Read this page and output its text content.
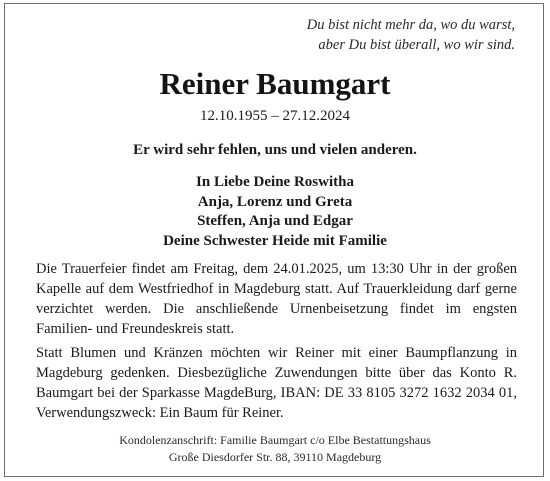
Du bist nicht mehr da, wo du warst,
aber Du bist überall, wo wir sind.
Reiner Baumgart
12.10.1955 – 27.12.2024
Er wird sehr fehlen, uns und vielen anderen.
In Liebe Deine Roswitha
Anja, Lorenz und Greta
Steffen, Anja und Edgar
Deine Schwester Heide mit Familie
Die Trauerfeier findet am Freitag, dem 24.01.2025, um 13:30 Uhr in der großen Kapelle auf dem Westfriedhof in Magdeburg statt. Auf Trauerkleidung darf gerne verzichtet werden. Die anschließende Urnenbeisetzung findet im engsten Familien- und Freundeskreis statt.
Statt Blumen und Kränzen möchten wir Reiner mit einer Baumpflanzung in Magdeburg gedenken. Diesbezügliche Zuwendungen bitte über das Konto R. Baumgart bei der Sparkasse MagdeBurg, IBAN: DE 33 8105 3272 1632 2034 01, Verwendungszweck: Ein Baum für Reiner.
Kondolenzanschrift: Familie Baumgart c/o Elbe Bestattungshaus
Große Diesdorfer Str. 88, 39110 Magdeburg
